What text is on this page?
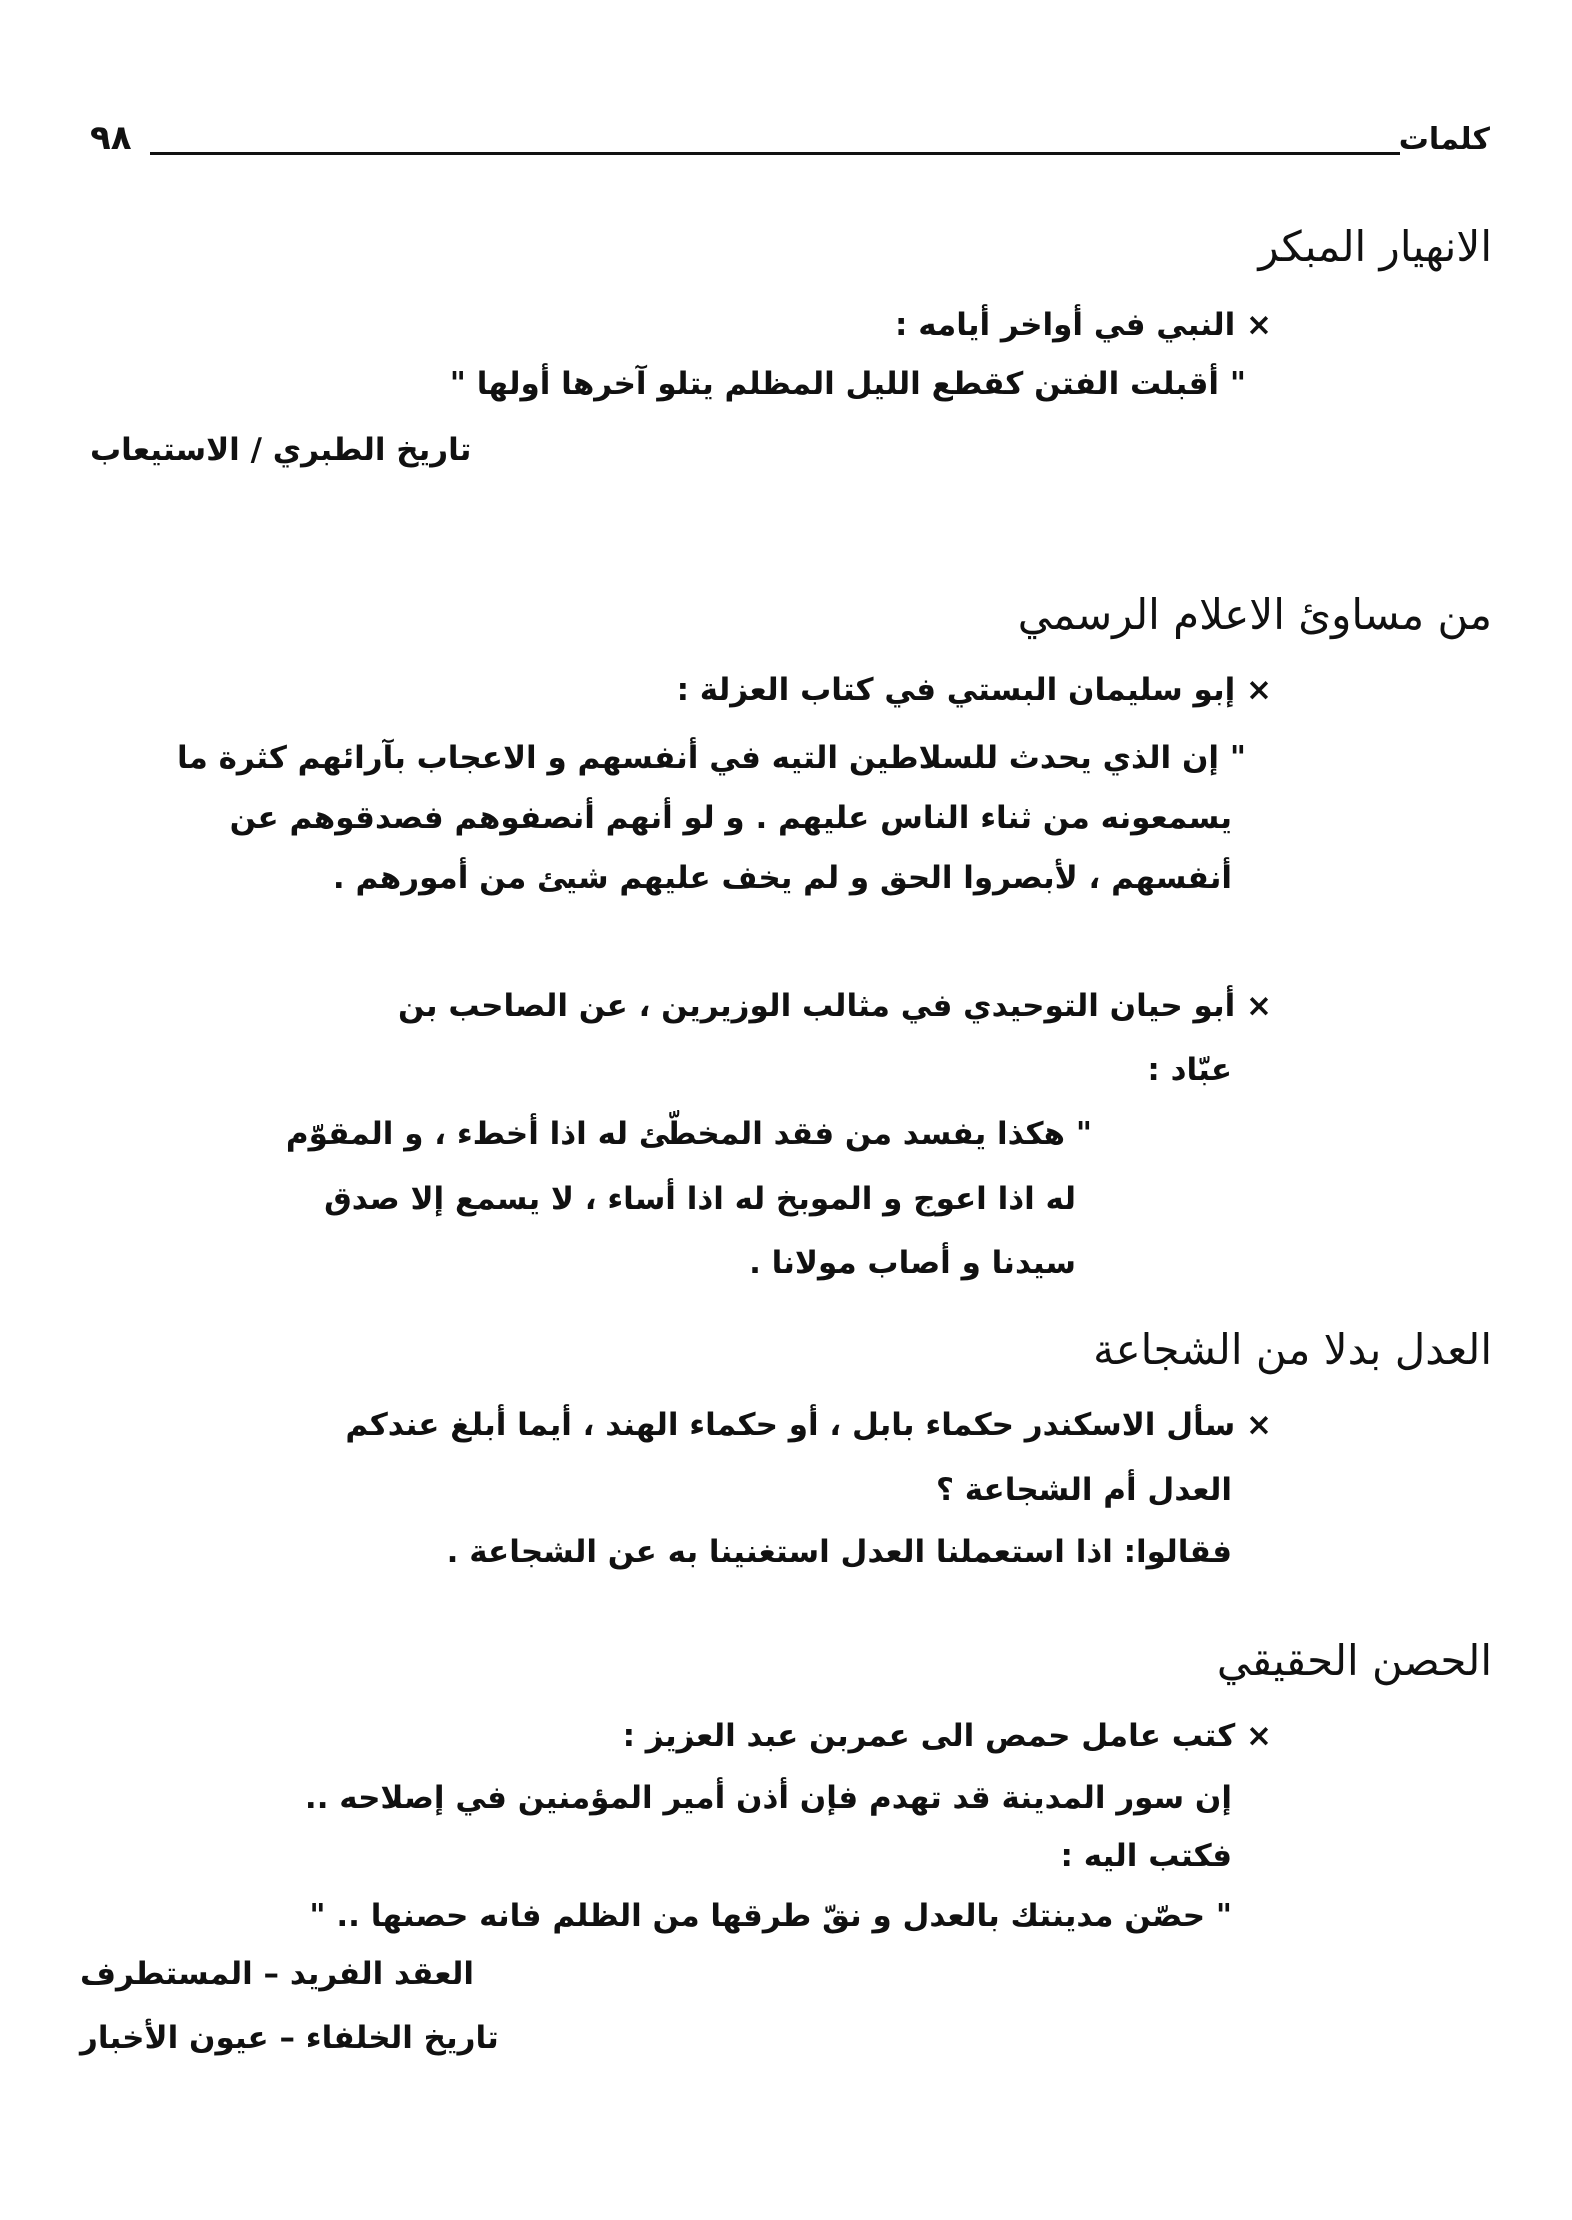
كلمات
٩٨
الانهيار المبكر
× النبي في أواخر أيامه :
" أقبلت الفتن كقطع الليل المظلم يتلو آخرها أولها "
تاريخ الطبري / الاستيعاب
من مساوئ الاعلام الرسمي
× إبو سليمان البستي في كتاب العزلة :
" إن الذي يحدث للسلاطين التيه في أنفسهم و الاعجاب بآرائهم كثرة ما
يسمعونه من ثناء الناس عليهم . و لو أنهم أنصفوهم فصدقوهم عن
أنفسهم ، لأبصروا الحق و لم يخف عليهم شيئ من أمورهم .
× أبو حيان التوحيدي في مثالب الوزيرين ، عن الصاحب بن
عبّاد :
" هكذا يفسد من فقد المخطّئ له اذا أخطء ، و المقوّم
له اذا اعوج و الموبخ له اذا أساء ، لا يسمع إلا صدق
سيدنا و أصاب مولانا .
العدل بدلا من الشجاعة
× سأل الاسكندر حكماء بابل ، أو حكماء الهند ، أيما أبلغ عندكم
العدل أم الشجاعة ؟
فقالوا: اذا استعملنا العدل استغنينا به عن الشجاعة .
الحصن الحقيقي
× كتب عامل حمص الى عمربن عبد العزيز :
إن سور المدينة قد تهدم فإن أذن أمير المؤمنين في إصلاحه ..
فكتب اليه :
" حصّن مدينتك بالعدل و نقّ طرقها من الظلم فانه حصنها .. "
العقد الفريد – المستطرف
تاريخ الخلفاء – عيون الأخبار
